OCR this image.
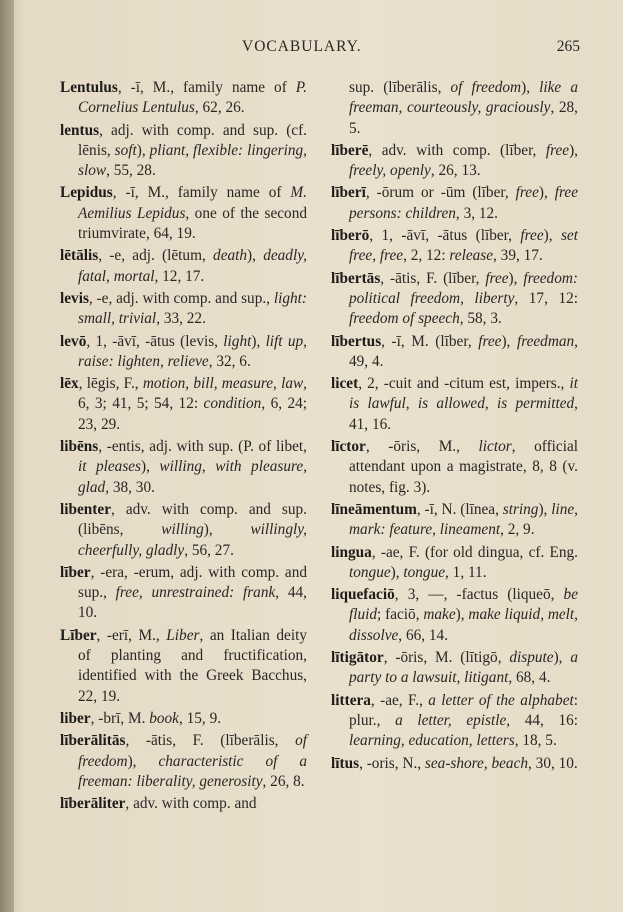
VOCABULARY.	265

Lentulus, -ī, M., family name of P. Cornelius Lentulus, 62, 26.

lentus, adj. with comp. and sup. (cf. lēnis, soft), pliant, flexible: lingering, slow, 55, 28.

Lepidus, -ī, M., family name of M. Aemilius Lepidus, one of the second triumvirate, 64, 19.

lētālis, -e, adj. (lētum, death), deadly, fatal, mortal, 12, 17.

levis, -e, adj. with comp. and sup., light: small, trivial, 33, 22.

levō, 1, -āvī, -ātus (levis, light), lift up, raise: lighten, relieve, 32, 6.

lēx, lēgis, F., motion, bill, measure, law, 6, 3; 41, 5; 54, 12: condition, 6, 24; 23, 29.

libēns, -entis, adj. with sup. (P. of libet, it pleases), willing, with pleasure, glad, 38, 30.

libenter, adv. with comp. and sup. (libēns, willing), willingly, cheerfully, gladly, 56, 27.

līber, -era, -erum, adj. with comp. and sup., free, unrestrained: frank, 44, 10.

Līber, -erī, M., Liber, an Italian deity of planting and fructification, identified with the Greek Bacchus, 22, 19.

liber, -brī, M. book, 15, 9.

līberālitās, -ātis, F. (līberālis, of freedom), characteristic of a freeman: liberality, generosity, 26, 8.

līberāliter, adv. with comp. and

sup. (līberālis, of freedom), like a freeman, courteously, graciously, 28, 5.

līberē, adv. with comp. (līber, free), freely, openly, 26, 13.

līberī, -ōrum or -ūm (līber, free), free persons: children, 3, 12.

līberō, 1, -āvī, -ātus (līber, free), set free, free, 2, 12: release, 39, 17.

lībertās, -ātis, F. (līber, free), freedom: political freedom, liberty, 17, 12: freedom of speech, 58, 3.

lībertus, -ī, M. (līber, free), freedman, 49, 4.

licet, 2, -cuit and -citum est, impers., it is lawful, is allowed, is permitted, 41, 16.

līctor, -ōris, M., lictor, official attendant upon a magistrate, 8, 8 (v. notes, fig. 3).

līneāmentum, -ī, N. (līnea, string), line, mark: feature, lineament, 2, 9.

lingua, -ae, F. (for old dingua, cf. Eng. tongue), tongue, 1, 11.

liquefaciō, 3, —, -factus (liqueō, be fluid; faciō, make), make liquid, melt, dissolve, 66, 14.

lītigātor, -ōris, M. (lītigō, dispute), a party to a lawsuit, litigant, 68, 4.

littera, -ae, F., a letter of the alphabet: plur., a letter, epistle, 44, 16: learning, education, letters, 18, 5.

lītus, -oris, N., sea-shore, beach, 30, 10.
